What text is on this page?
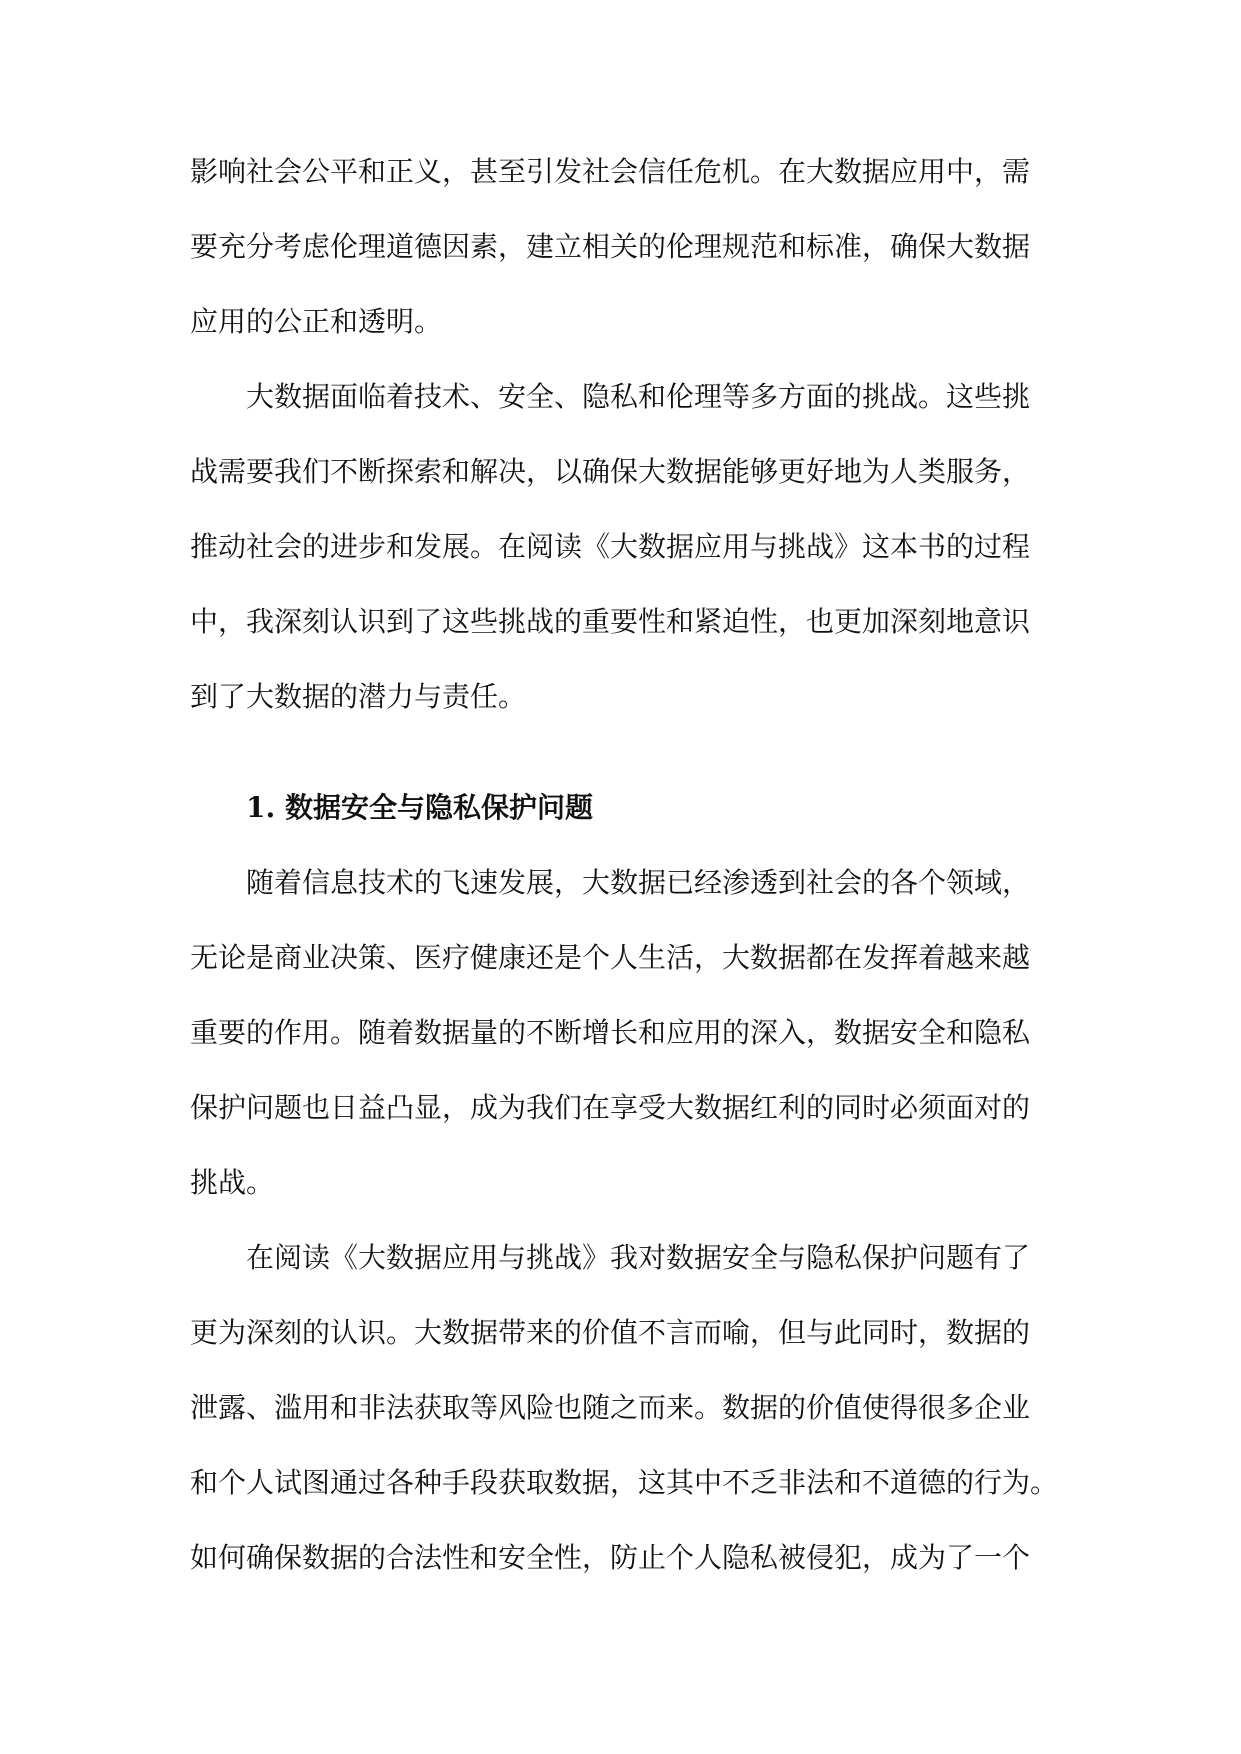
影响社会公平和正义，甚至引发社会信任危机。在大数据应用中，需
要充分考虑伦理道德因素，建立相关的伦理规范和标准，确保大数据
应用的公正和透明。
大数据面临着技术、安全、隐私和伦理等多方面的挑战。这些挑
战需要我们不断探索和解决，以确保大数据能够更好地为人类服务，
推动社会的进步和发展。在阅读《大数据应用与挑战》这本书的过程
中，我深刻认识到了这些挑战的重要性和紧迫性，也更加深刻地意识
到了大数据的潜力与责任。
1. 数据安全与隐私保护问题
随着信息技术的飞速发展，大数据已经渗透到社会的各个领域，
无论是商业决策、医疗健康还是个人生活，大数据都在发挥着越来越
重要的作用。随着数据量的不断增长和应用的深入，数据安全和隐私
保护问题也日益凸显，成为我们在享受大数据红利的同时必须面对的
挑战。
在阅读《大数据应用与挑战》我对数据安全与隐私保护问题有了
更为深刻的认识。大数据带来的价值不言而喻，但与此同时，数据的
泄露、滥用和非法获取等风险也随之而来。数据的价值使得很多企业
和个人试图通过各种手段获取数据，这其中不乏非法和不道德的行为。
如何确保数据的合法性和安全性，防止个人隐私被侵犯，成为了一个
